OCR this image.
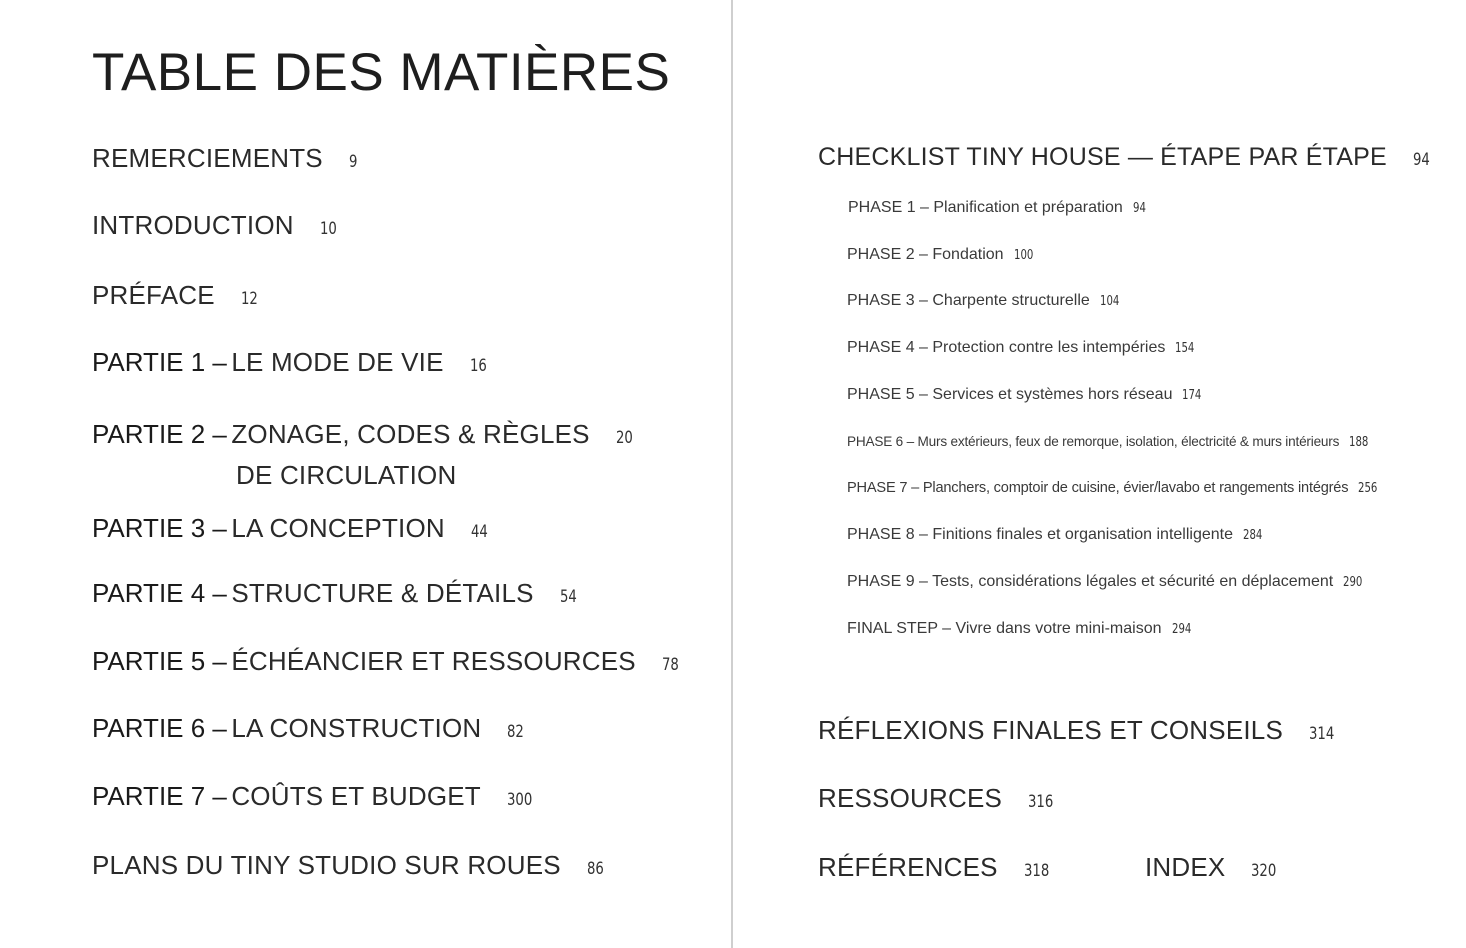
TABLE DES MATIÈRES
REMERCIEMENTS 9
INTRODUCTION 10
PRÉFACE 12
PARTIE 1 – LE MODE DE VIE 16
PARTIE 2 – ZONAGE, CODES & RÈGLES 20
DE CIRCULATION
PARTIE 3 – LA CONCEPTION 44
PARTIE 4 – STRUCTURE & DÉTAILS 54
PARTIE 5 – ÉCHÉANCIER ET RESSOURCES 78
PARTIE 6 – LA CONSTRUCTION 82
PARTIE 7 – COÛTS ET BUDGET 300
PLANS DU TINY STUDIO SUR ROUES 86
CHECKLIST TINY HOUSE — ÉTAPE PAR ÉTAPE 94
PHASE 1 – Planification et préparation 94
PHASE 2 – Fondation 100
PHASE 3 – Charpente structurelle 104
PHASE 4 – Protection contre les intempéries 154
PHASE 5 – Services et systèmes hors réseau 174
PHASE 6 – Murs extérieurs, feux de remorque, isolation, électricité & murs intérieurs 188
PHASE 7 – Planchers, comptoir de cuisine, évier/lavabo et rangements intégrés 256
PHASE 8 – Finitions finales et organisation intelligente 284
PHASE 9 – Tests, considérations légales et sécurité en déplacement 290
FINAL STEP – Vivre dans votre mini-maison 294
RÉFLEXIONS FINALES ET CONSEILS 314
RESSOURCES 316
RÉFÉRENCES 318	INDEX 320
